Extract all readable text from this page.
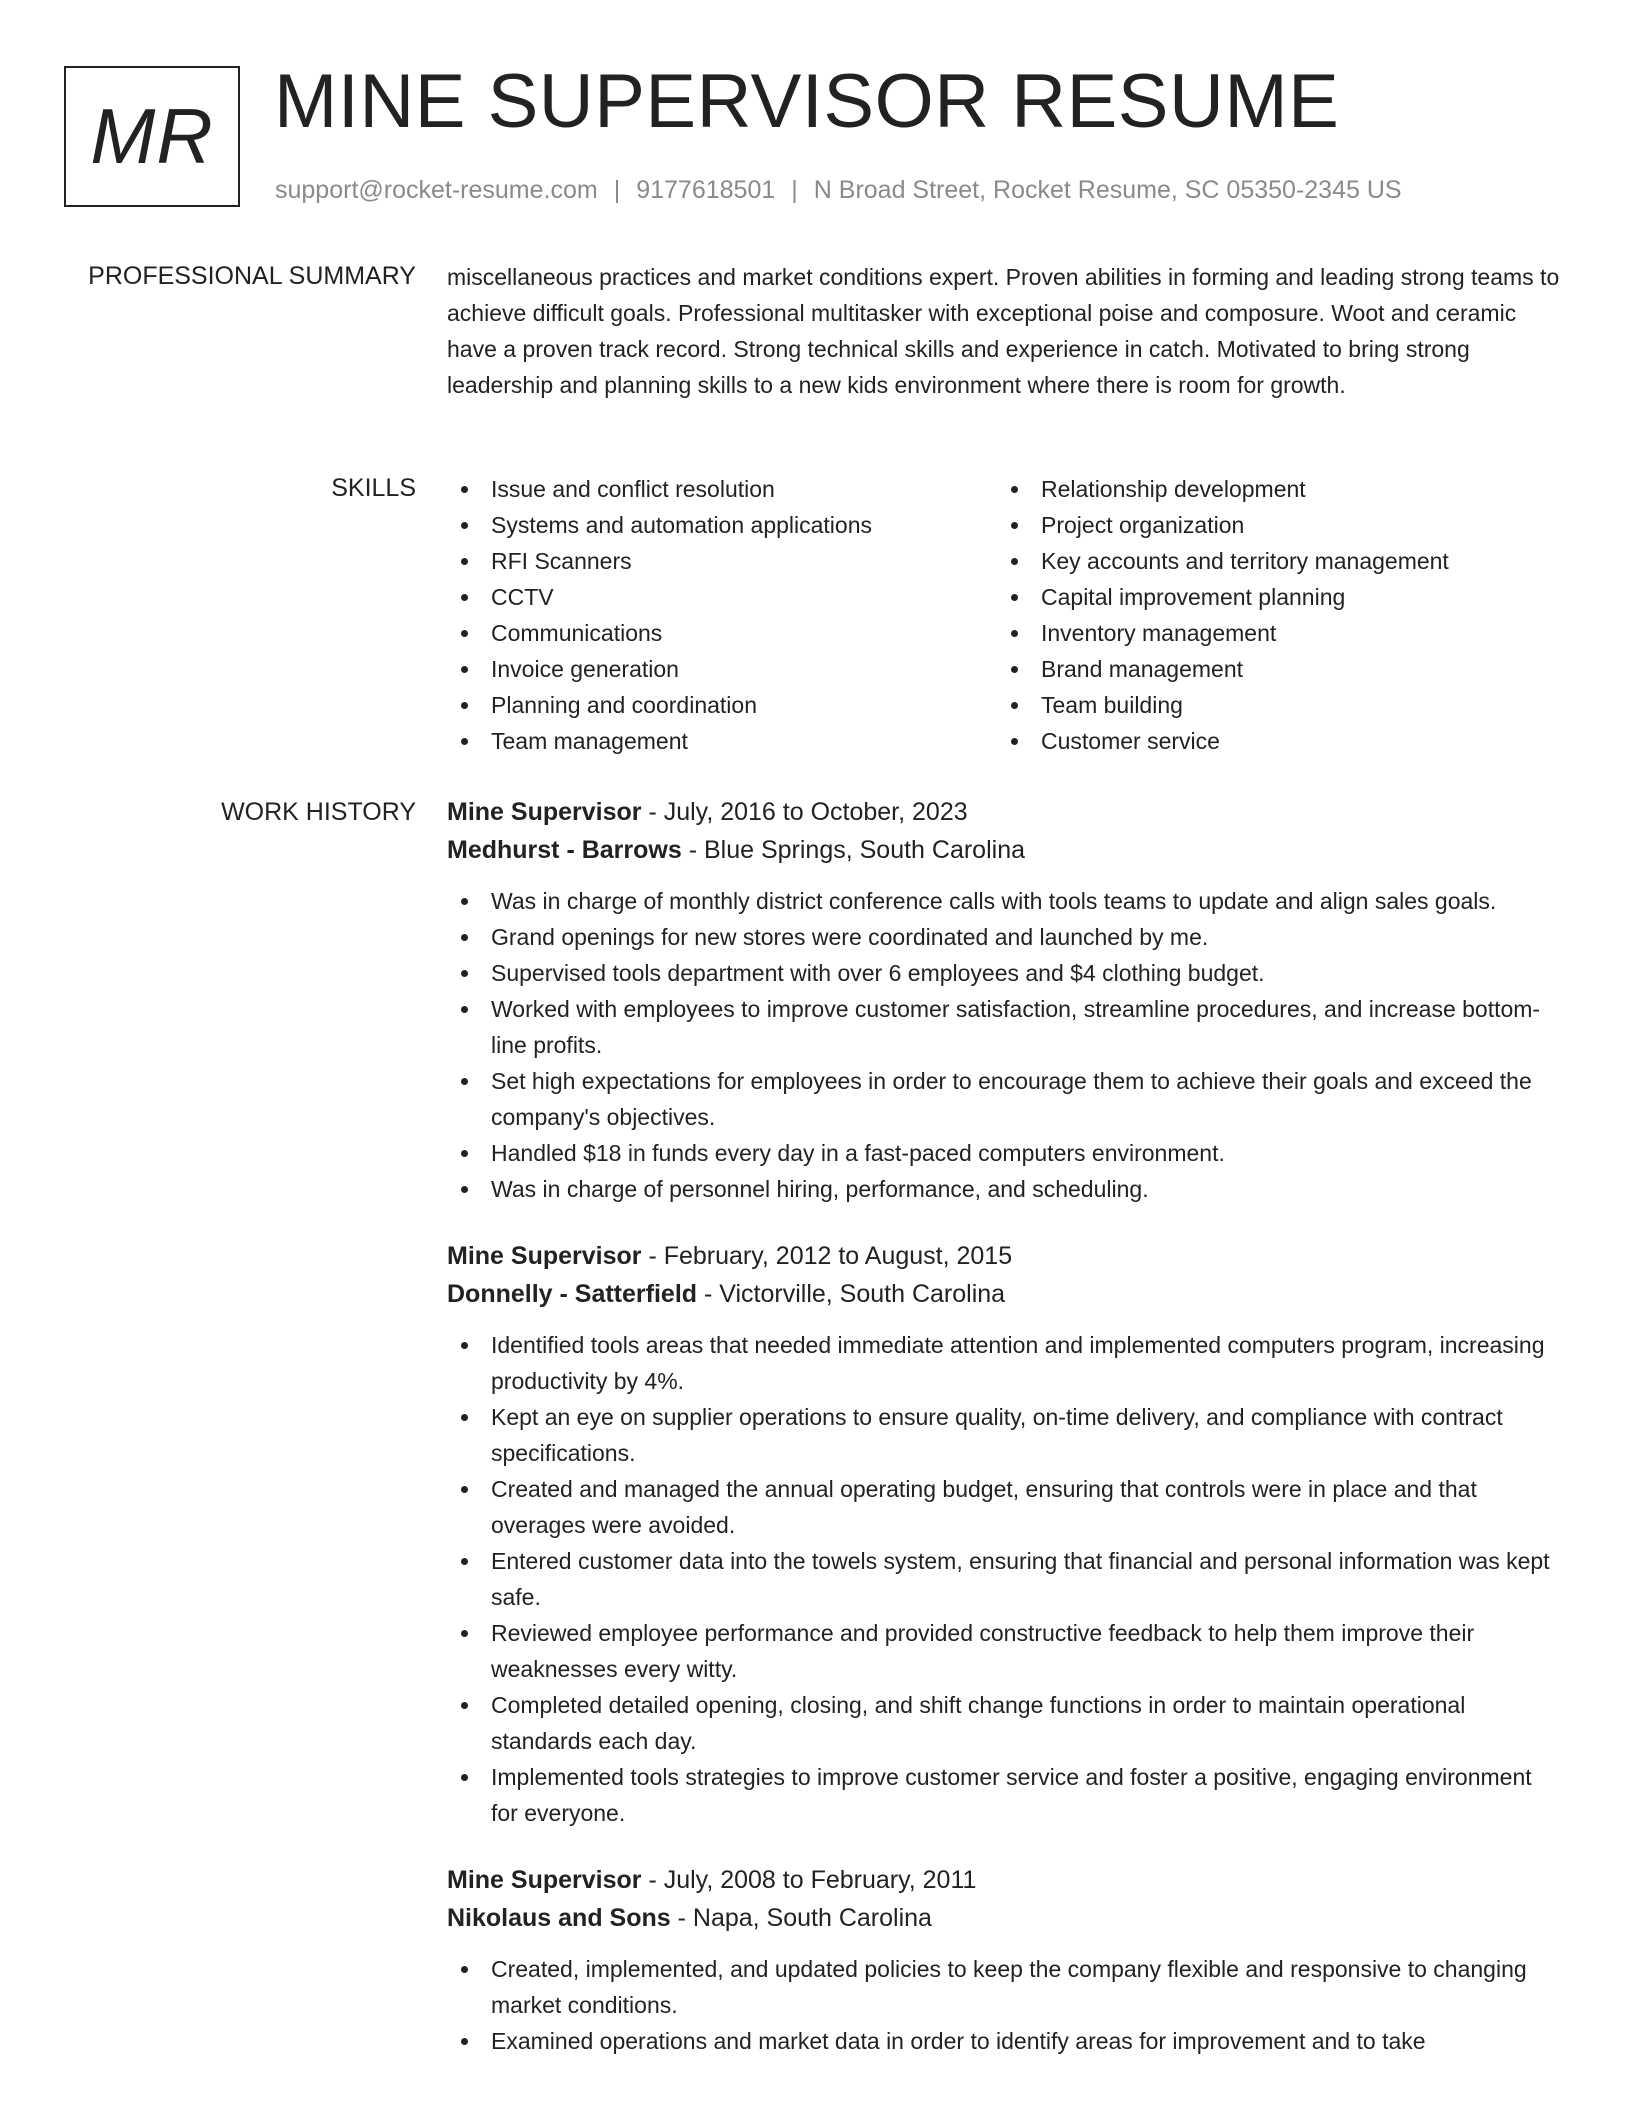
MR MINE SUPERVISOR RESUME
support@rocket-resume.com | 9177618501 | N Broad Street, Rocket Resume, SC 05350-2345 US
PROFESSIONAL SUMMARY miscellaneous practices and market conditions expert. Proven abilities in forming and leading strong teams to achieve difficult goals. Professional multitasker with exceptional poise and composure. Woot and ceramic have a proven track record. Strong technical skills and experience in catch. Motivated to bring strong leadership and planning skills to a new kids environment where there is room for growth.

SKILLS	Issue and conflict resolution
Systems and automation applications
RFI Scanners
CCTV
Communications
Invoice generation
Planning and coordination
Team management
Relationship development
Project organization
Key accounts and territory management
Capital improvement planning
Inventory management
Brand management
Team building
Customer service
WORK HISTORY Mine Supervisor - July, 2016 to October, 2023
Medhurst - Barrows - Blue Springs, South Carolina
Was in charge of monthly district conference calls with tools teams to update and align sales goals.
Grand openings for new stores were coordinated and launched by me.
Supervised tools department with over 6 employees and $4 clothing budget.
Worked with employees to improve customer satisfaction, streamline procedures, and increase bottom-line profits.
Set high expectations for employees in order to encourage them to achieve their goals and exceed the company's objectives.
Handled $18 in funds every day in a fast-paced computers environment.
Was in charge of personnel hiring, performance, and scheduling.
Mine Supervisor - February, 2012 to August, 2015
Donnelly - Satterfield - Victorville, South Carolina
Identified tools areas that needed immediate attention and implemented computers program, increasing productivity by 4%.
Kept an eye on supplier operations to ensure quality, on-time delivery, and compliance with contract specifications.
Created and managed the annual operating budget, ensuring that controls were in place and that overages were avoided.
Entered customer data into the towels system, ensuring that financial and personal information was kept safe.
Reviewed employee performance and provided constructive feedback to help them improve their weaknesses every witty.
Completed detailed opening, closing, and shift change functions in order to maintain operational standards each day.
Implemented tools strategies to improve customer service and foster a positive, engaging environment for everyone.
Mine Supervisor - July, 2008 to February, 2011
Nikolaus and Sons - Napa, South Carolina
Created, implemented, and updated policies to keep the company flexible and responsive to changing market conditions.
Examined operations and market data in order to identify areas for improvement and to take
